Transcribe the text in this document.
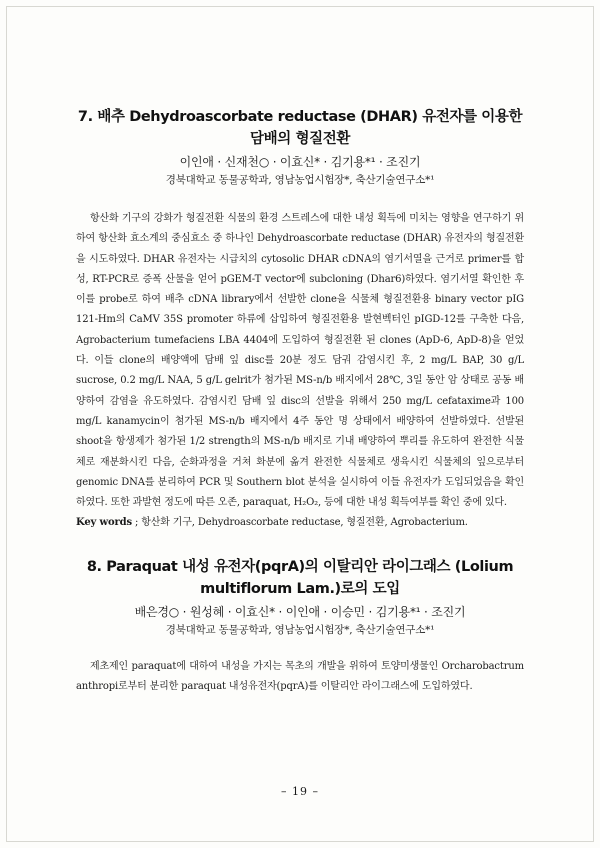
7. 배추 Dehydroascorbate reductase (DHAR) 유전자를 이용한 담배의 형질전환

이인애 · 신재천○ · 이효신* · 김기용*¹ · 조진기

경북대학교 동물공학과, 영남농업시험장*, 축산기술연구소*¹

항산화 기구의 강화가 형질전환 식물의 환경 스트레스에 대한 내성 획득에 미치는 영향을 연구하기 위하여 항산화 효소계의 중심효소 중 하나인 Dehydroascorbate reductase (DHAR) 유전자의 형질전환을 시도하였다. DHAR 유전자는 시급치의 cytosolic DHAR cDNA의 염기서열을 근거로 primer를 합성, RT-PCR로 증폭 산물을 얻어 pGEM-T vector에 subcloning (Dhar6)하였다. 염기서열 확인한 후 이를 probe로 하여 배추 cDNA library에서 선발한 clone을 식물체 형질전환용 binary vector pIG 121-Hm의 CaMV 35S promoter 하류에 삽입하여 형질전환용 발현벡터인 pIGD-12를 구축한 다음, Agrobacterium tumefaciens LBA 4404에 도입하여 형질전환 된 clones (ApD-6, ApD-8)을 얻었다. 이들 clone의 배양액에 담배 잎 disc를 20분 정도 담궈 감염시킨 후, 2 mg/L BAP, 30 g/L sucrose, 0.2 mg/L NAA, 5 g/L gelrit가 첨가된 MS-n/b 배지에서 28℃, 3일 동안 암 상태로 공동 배양하여 감염을 유도하였다. 감염시킨 담배 잎 disc의 선발을 위해서 250 mg/L cefataxime과 100 mg/L kanamycin이 첨가된 MS-n/b 배지에서 4주 동안 명 상태에서 배양하여 선발하였다. 선발된 shoot을 항생제가 첨가된 1/2 strength의 MS-n/b 배지로 기내 배양하여 뿌리를 유도하여 완전한 식물체로 재분화시킨 다음, 순화과정을 거쳐 화분에 옮겨 완전한 식물체로 생육시킨 식물체의 잎으로부터 genomic DNA를 분리하여 PCR 및 Southern blot 분석을 실시하여 이들 유전자가 도입되었음을 확인하였다. 또한 과발현 정도에 따른 오존, paraquat, H₂O₂, 등에 대한 내성 획득여부를 확인 중에 있다.

Key words ; 항산화 기구, Dehydroascorbate reductase, 형질전환, Agrobacterium.

8. Paraquat 내성 유전자(pqrA)의 이탈리안 라이그래스 (Lolium multiflorum Lam.)로의 도입

배은경○ · 원성혜 · 이효신* · 이인애 · 이승민 · 김기용*¹ · 조진기

경북대학교 동물공학과, 영남농업시험장*, 축산기술연구소*¹

제초제인 paraquat에 대하여 내성을 가지는 목초의 개발을 위하여 토양미생물인 Orcharobactrum anthropi로부터 분리한 paraquat 내성유전자(pqrA)를 이탈리안 라이그래스에 도입하였다.

– 19 –
